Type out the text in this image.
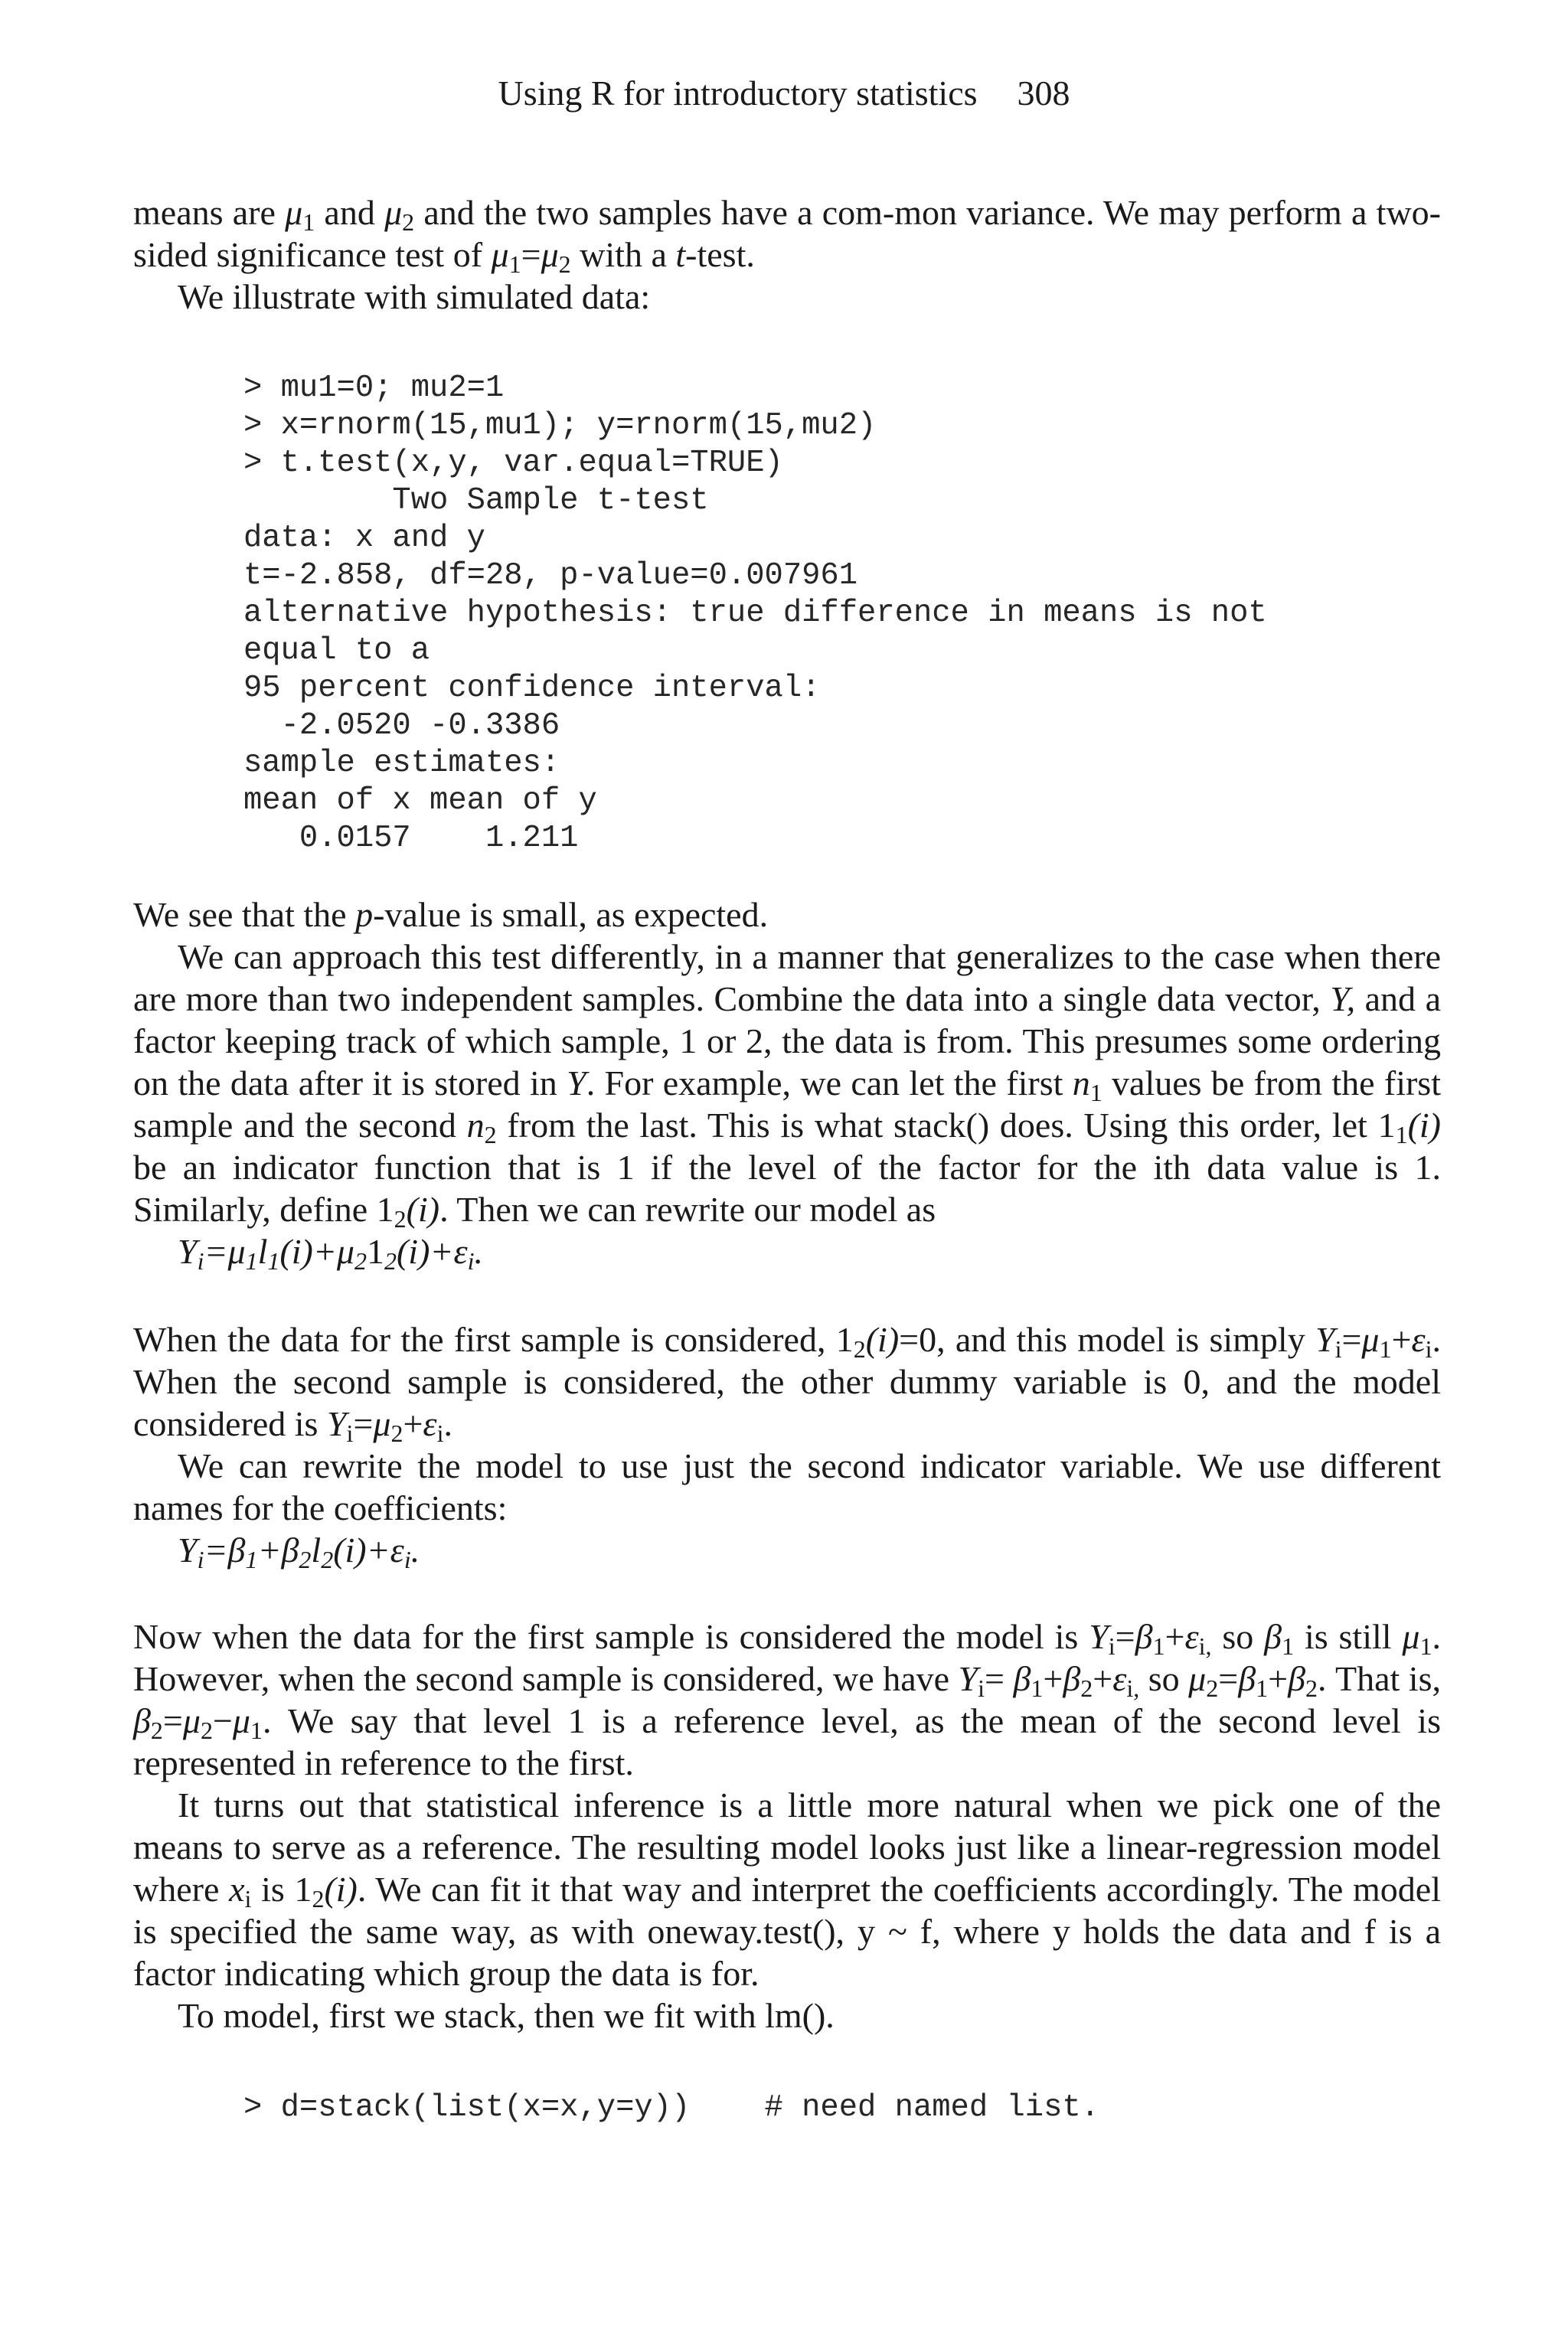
Using R for introductory statistics 308

means are $\mu_1$ and $\mu_2$ and the two samples have a com-mon variance. We may perform a two-sided significance test of $\mu_1=\mu_2$ with a t-test.

We illustrate with simulated data:

> mu1=0; mu2=1
> x=rnorm(15,mu1); y=rnorm(15,mu2)
> t.test(x,y, var.equal=TRUE)
Two Sample t-test
data: x and y
t=-2.858, df=28, p-value=0.007961
alternative hypothesis: true difference in means is not
equal to a
95 percent confidence interval:
-2.0520 -0.3386
sample estimates:
mean of x mean of y
0.0157    1.211

We see that the p-value is small, as expected.

We can approach this test differently, in a manner that generalizes to the case when there are more than two independent samples. Combine the data into a single data vector, Y, and a factor keeping track of which sample, 1 or 2, the data is from. This presumes some ordering on the data after it is stored in Y. For example, we can let the first $n_1$ values be from the first sample and the second $n_2$ from the last. This is what stack() does. Using this order, let $1_1(i)$ be an indicator function that is 1 if the level of the factor for the ith data value is 1. Similarly, define $1_2(i)$. Then we can rewrite our model as

$Y_i=\mu_1l_1(i)+\mu_21_2(i)+\varepsilon_i$.

When the data for the first sample is considered, $1_2(i)=0$, and this model is simply $Y_i=\mu_1+\varepsilon_i$. When the second sample is considered, the other dummy variable is 0, and the model considered is $Y_i=\mu_2+\varepsilon_i$.

We can rewrite the model to use just the second indicator variable. We use different names for the coefficients:

$Y_i=\beta_1+\beta_2l_2(i)+\varepsilon_i$.

Now when the data for the first sample is considered the model is $Y_i=\beta_1+\varepsilon_{i,}$ so $\beta_1$ is still $\mu_1$. However, when the second sample is considered, we have $Y_i= \beta_1+\beta_2+\varepsilon_{i,}$ so $\mu_2=\beta_1+\beta_2$. That is, $\beta_2=\mu_2-\mu_1$. We say that level 1 is a reference level, as the mean of the second level is represented in reference to the first.

It turns out that statistical inference is a little more natural when we pick one of the means to serve as a reference. The resulting model looks just like a linear-regression model where $x_i$ is $1_2(i)$. We can fit it that way and interpret the coefficients accordingly. The model is specified the same way, as with oneway.test(), y ~ f, where y holds the data and f is a factor indicating which group the data is for.

To model, first we stack, then we fit with lm().

> d=stack(list(x=x,y=y))    # need named list.
